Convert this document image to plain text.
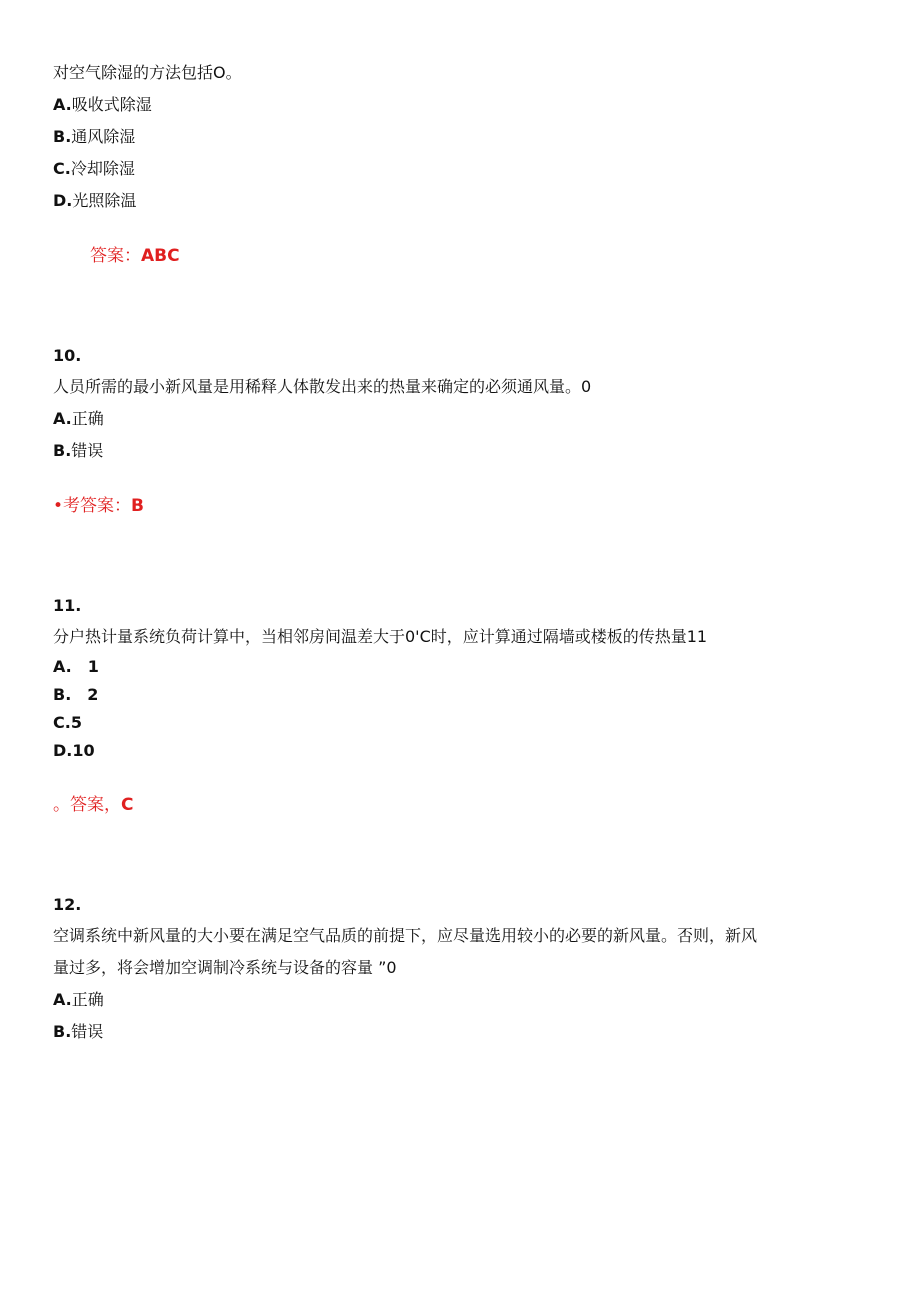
对空气除湿的方法包括O。
A.吸收式除湿
B.通风除湿
C.冷却除湿
D.光照除温
答案：ABC
10.
人员所需的最小新风量是用稀释人体散发出来的热量来确定的必须通风量。0
A.正确
B.错误
•考答案：B
11.
分户热计量系统负荷计算中，当相邻房间温差大于0'C时，应计算通过隔墙或楼板的传热量11
A. 1
B. 2
C.5
D.10
。答案，C
12.
空调系统中新风量的大小要在满足空气品质的前提下，应尽量选用较小的必要的新风量。否则，新风
量过多，将会增加空调制冷系统与设备的容量 ”0
A.正确
B.错误
